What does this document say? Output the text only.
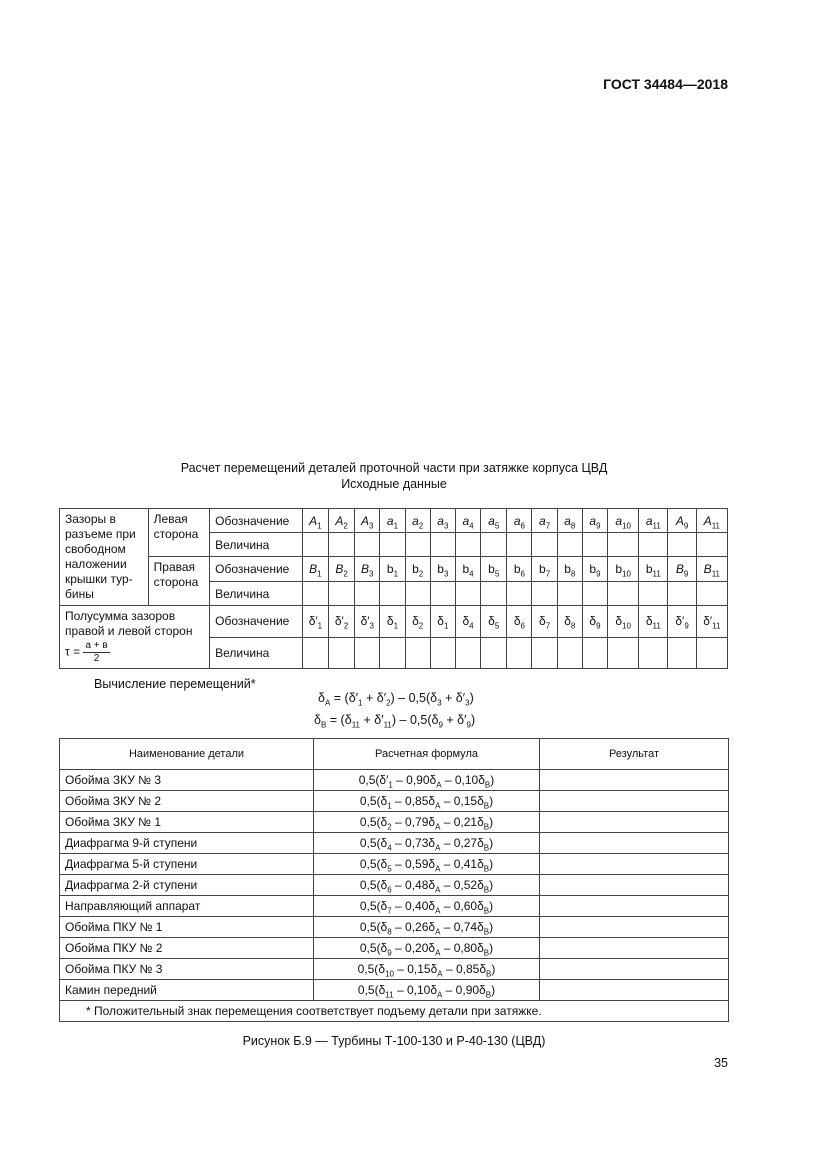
ГОСТ 34484—2018
Расчет перемещений деталей проточной части при затяжке корпуса ЦВД
Исходные данные
Зазоры в разъеме при свободном наложении крышки турбины	Левая сторона	Обозначение	$A_1$	$A_2$	$A_3$	$a_1$	$a_2$	$a_3$	$a_4$	$a_5$	$a_6$	$a_7$	$a_8$	$a_9$	$a_{10}$	$a_{11}$	$A_9$	$A_{11}$
		Величина																
	Правая сторона	Обозначение	$B_1$	$B_2$	$B_3$	$b_1$	$b_2$	$b_3$	$b_4$	$b_5$	$b_6$	$b_7$	$b_8$	$b_9$	$b_{10}$	$b_{11}$	$B_9$	$B_{11}$
		Величина																

Полусумма зазоров правой и левой сторон
$\tau = \frac{a + в}{2}$		Обозначение	$\delta'_1$	$\delta'_2$	$\delta'_3$	$\delta_1$	$\delta_2$	$\delta_1$	$\delta_4$	$\delta_5$	$\delta_6$	$\delta_7$	$\delta_8$	$\delta_9$	$\delta_{10}$	$\delta_{11}$	$\delta'_9$	$\delta'_{11}$
		Величина																
Вычисление перемещений*
$\delta_A = (\delta'_1 + \delta'_2) - 0,5(\delta_3 + \delta'_3)$
$\delta_B = (\delta_{11} + \delta'_{11}) - 0,5(\delta_9 + \delta'_9)$
Наименование детали	Расчетная формула	Результат
Обойма ЗКУ № 3	$0,5(\delta'_1 - 0,90\delta_A - 0,10\delta_B)$	
Обойма ЗКУ № 2	$0,5(\delta_1 - 0,85\delta_A - 0,15\delta_B)$	
Обойма ЗКУ № 1	$0,5(\delta_2 - 0,79\delta_A - 0,21\delta_B)$	
Диафрагма 9-й ступени	$0,5(\delta_4 - 0,73\delta_A - 0,27\delta_B)$	
Диафрагма 5-й ступени	$0,5(\delta_5 - 0,59\delta_A - 0,41\delta_B)$	
Диафрагма 2-й ступени	$0,5(\delta_6 - 0,48\delta_A - 0,52\delta_B)$	
Направляющий аппарат	$0,5(\delta_7 - 0,40\delta_A - 0,60\delta_B)$	
Обойма ПКУ № 1	$0,5(\delta_8 - 0,26\delta_A - 0,74\delta_B)$	
Обойма ПКУ № 2	$0,5(\delta_9 - 0,20\delta_A - 0,80\delta_B)$	
Обойма ПКУ № 3	$0,5(\delta_{10} - 0,15\delta_A - 0,85\delta_B)$	
Камин передний	$0,5(\delta_{11} - 0,10\delta_A - 0,90\delta_B)$	
* Положительный знак перемещения соответствует подъему детали при затяжке.		
Рисунок Б.9 — Турбины Т-100-130 и Р-40-130 (ЦВД)
35
